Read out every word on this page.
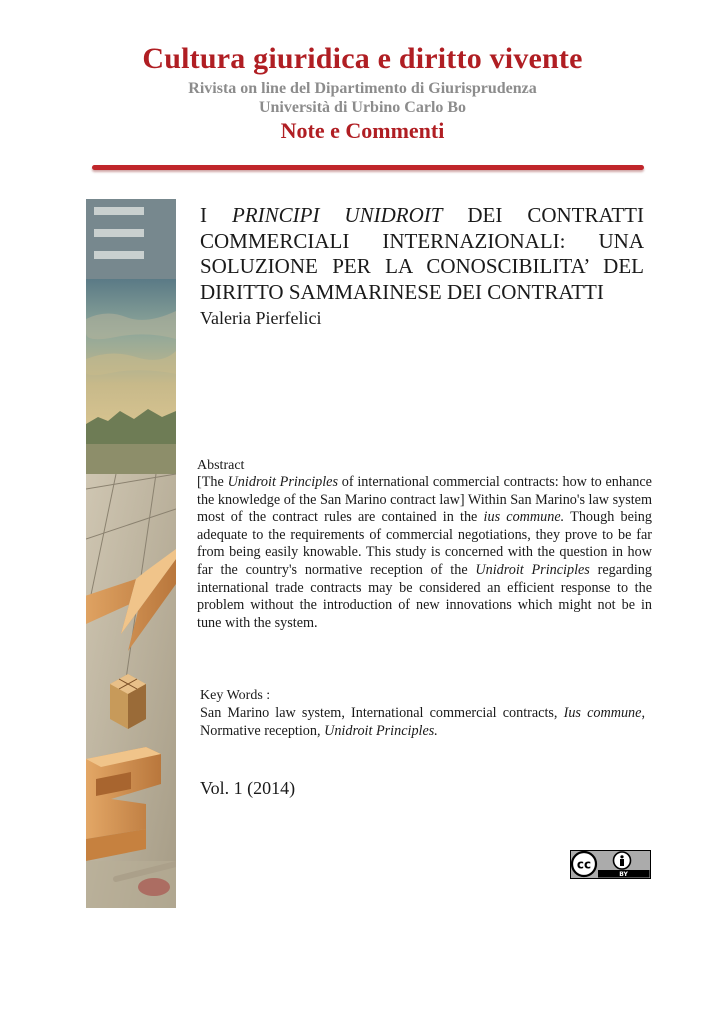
Cultura giuridica e diritto vivente
Rivista on line del Dipartimento di Giurisprudenza
Università di Urbino Carlo Bo
Note e Commenti
I PRINCIPI UNIDROIT DEI CONTRATTI
COMMERCIALI INTERNAZIONALI: UNA
SOLUZIONE PER LA CONOSCIBILITA’ DEL
DIRITTO SAMMARINESE DEI CONTRATTI
Valeria Pierfelici
Abstract
[The Unidroit Principles of international commercial contracts: how to enhance the knowledge of the San Marino contract law] Within San Marino's law system most of the contract rules are contained in the ius commune. Though being adequate to the requirements of commercial negotiations, they prove to be far from being easily knowable. This study is concerned with the question in how far the country's normative reception of the Unidroit Principles regarding international trade contracts may be considered an efficient response to the problem without the introduction of new innovations which might not be in tune with the system.
Key Words :
San Marino law system, International commercial contracts, Ius commune, Normative reception, Unidroit Principles.
Vol. 1 (2014)
cc
BY
